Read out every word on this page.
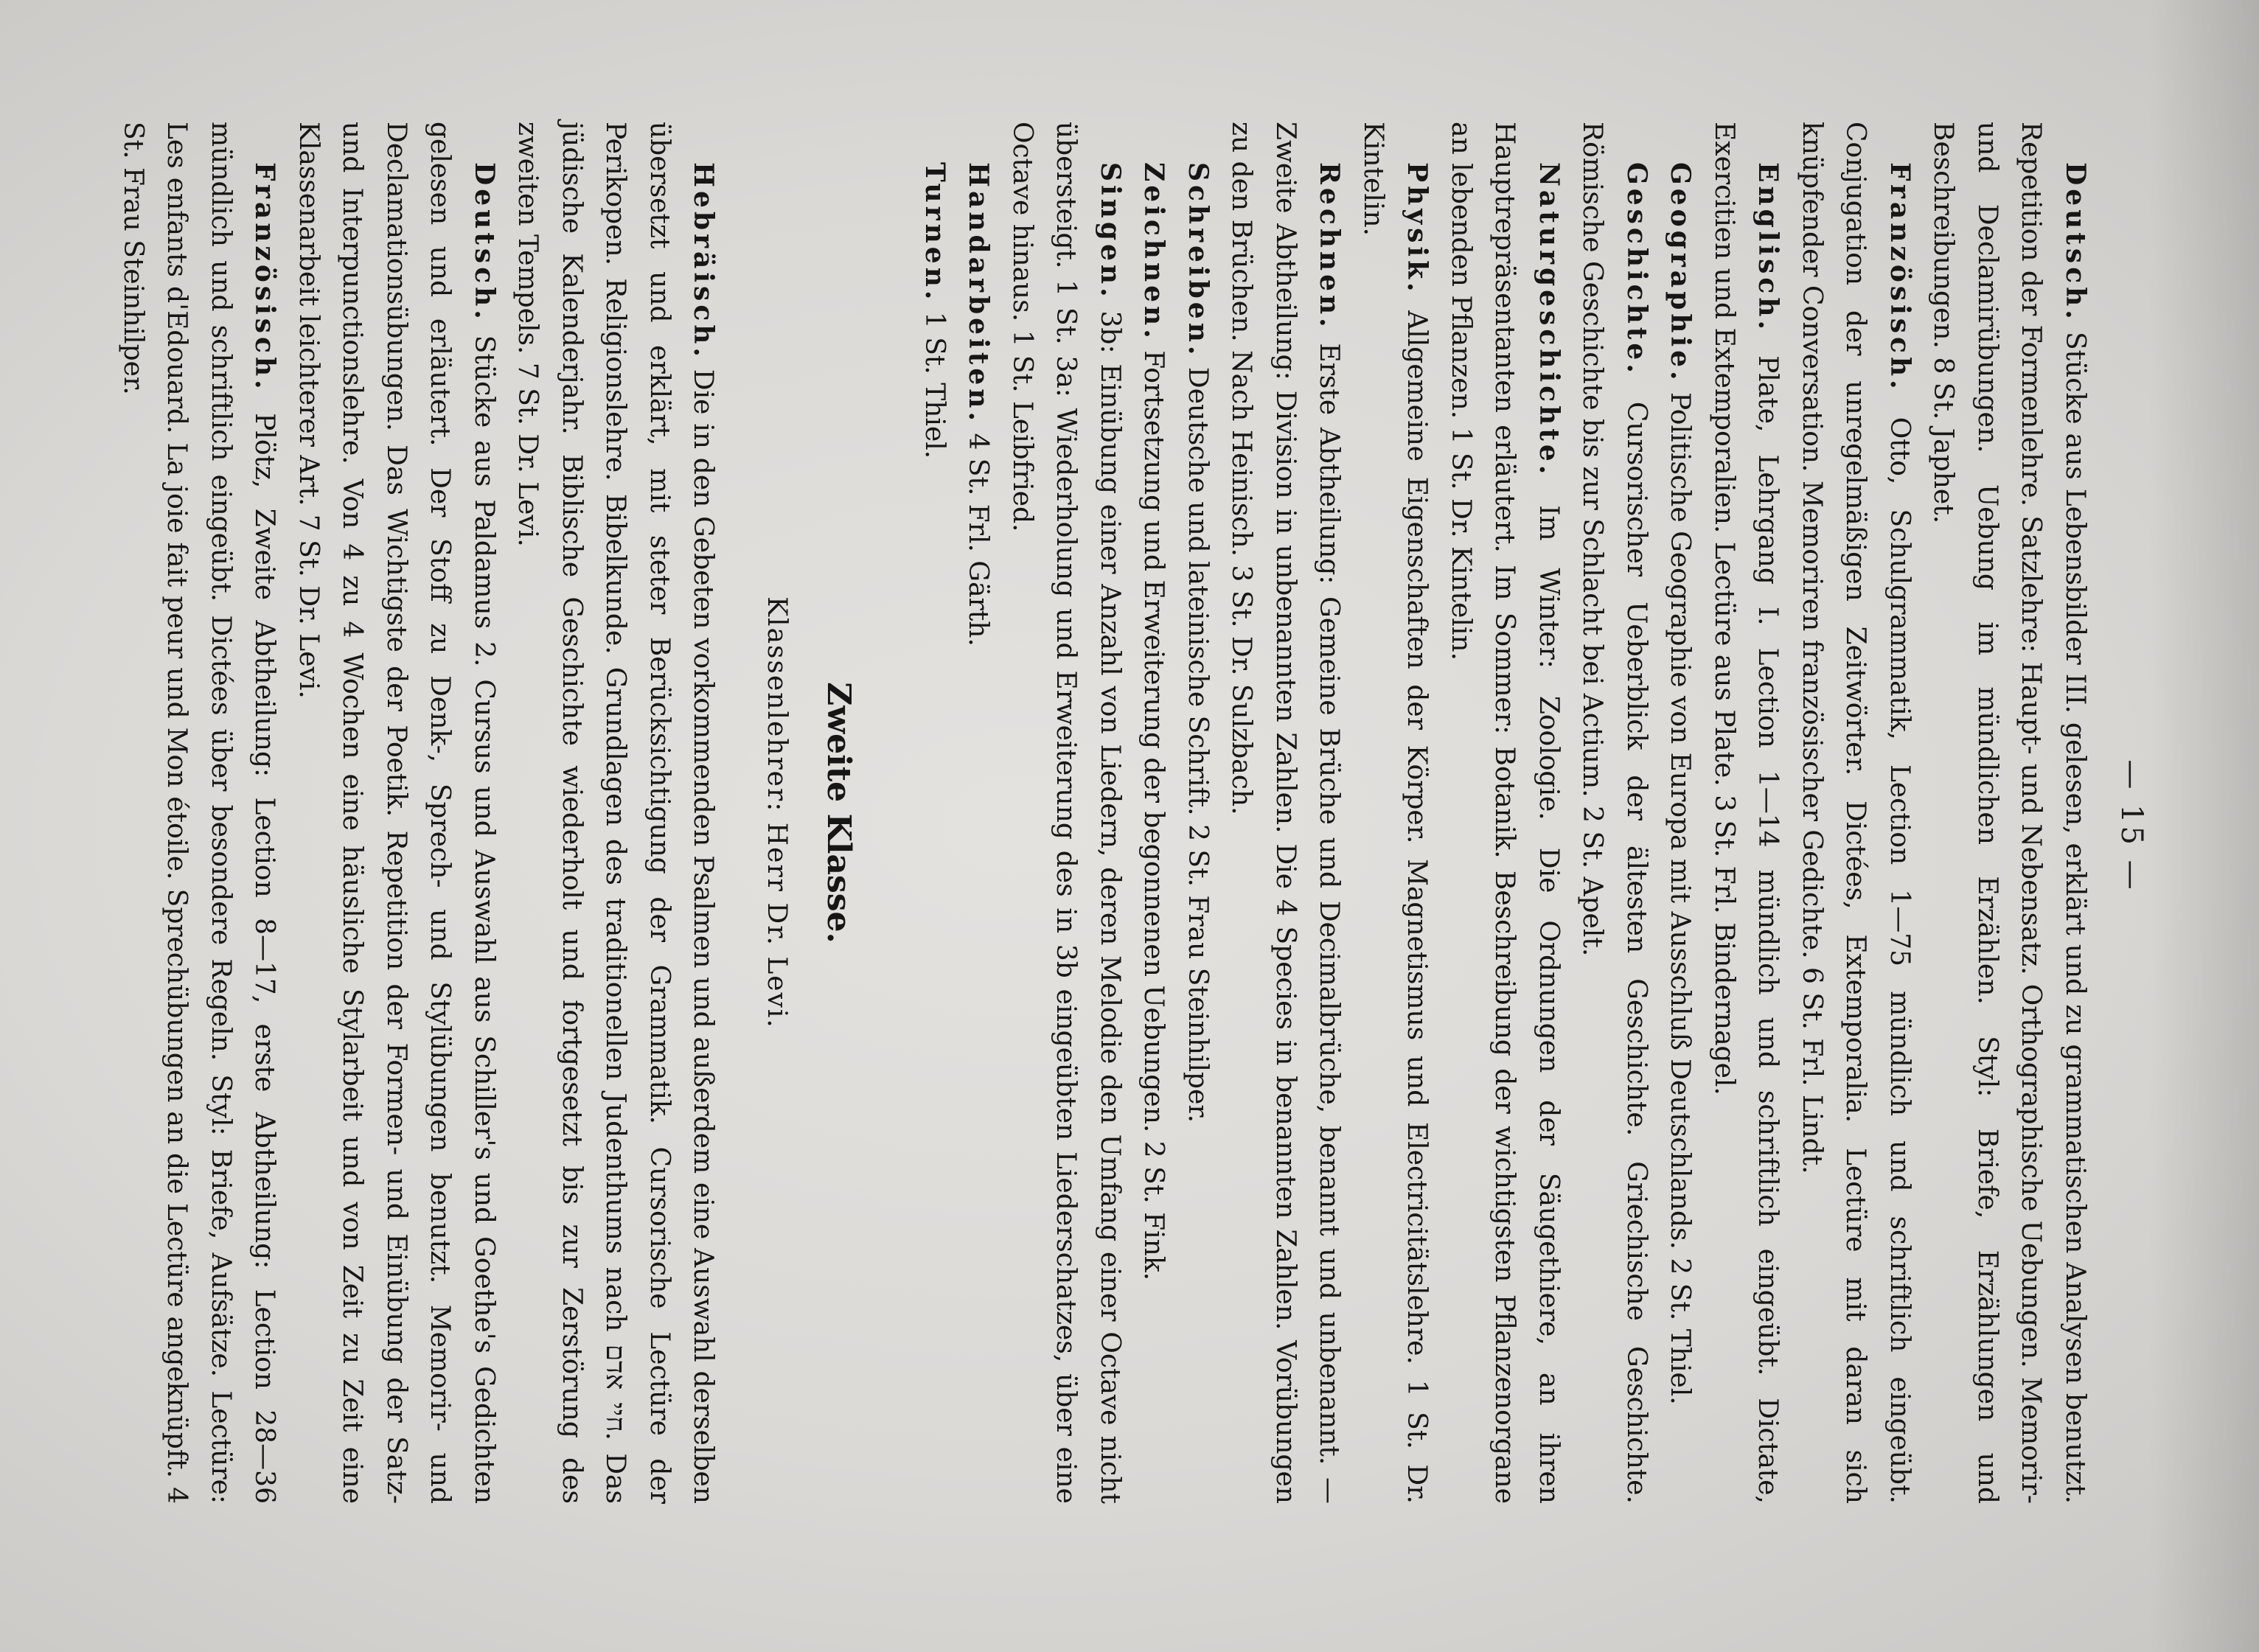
— 15 —

Deutsch. Stücke aus Lebensbilder III. gelesen, erklärt und zu grammatischen Analysen benutzt. Repetition der Formenlehre. Satzlehre: Haupt- und Nebensatz. Orthographische Uebungen. Memorir- und Declamirübungen. Uebung im mündlichen Erzählen. Styl: Briefe, Erzählungen und Beschreibungen. 8 St. Japhet.

Französisch. Otto, Schulgrammatik, Lection 1—75 mündlich und schriftlich eingeübt. Conjugation der unregelmäßigen Zeitwörter. Dictées, Extemporalia. Lectüre mit daran sich knüpfender Conversation. Memoriren französischer Gedichte. 6 St. Frl. Lindt.

Englisch. Plate, Lehrgang I. Lection 1—14 mündlich und schriftlich eingeübt. Dictate, Exercitien und Extemporalien. Lectüre aus Plate. 3 St. Frl. Bindernagel.

Geographie. Politische Geographie von Europa mit Ausschluß Deutschlands. 2 St. Thiel.

Geschichte. Cursorischer Ueberblick der ältesten Geschichte. Griechische Geschichte. Römische Geschichte bis zur Schlacht bei Actium. 2 St. Apelt.

Naturgeschichte. Im Winter: Zoologie. Die Ordnungen der Säugethiere, an ihren Hauptrepräsentanten erläutert. Im Sommer: Botanik. Beschreibung der wichtigsten Pflanzenorgane an lebenden Pflanzen. 1 St. Dr. Kintelin.

Physik. Allgemeine Eigenschaften der Körper. Magnetismus und Electricitätslehre. 1 St. Dr. Kintelin.

Rechnen. Erste Abtheilung: Gemeine Brüche und Decimalbrüche, benannt und unbenannt. — Zweite Abtheilung: Division in unbenannten Zahlen. Die 4 Species in benannten Zahlen. Vorübungen zu den Brüchen. Nach Heinisch. 3 St. Dr. Sulzbach.

Schreiben. Deutsche und lateinische Schrift. 2 St. Frau Steinhilper.

Zeichnen. Fortsetzung und Erweiterung der begonnenen Uebungen. 2 St. Fink.

Singen. 3b: Einübung einer Anzahl von Liedern, deren Melodie den Umfang einer Octave nicht übersteigt. 1 St. 3a: Wiederholung und Erweiterung des in 3b eingeübten Liederschatzes, über eine Octave hinaus. 1 St. Leibfried.

Handarbeiten. 4 St. Frl. Gärth.

Turnen. 1 St. Thiel.

Zweite Klasse.

Klassenlehrer: Herr Dr. Levi.

Hebräisch. Die in den Gebeten vorkommenden Psalmen und außerdem eine Auswahl derselben übersetzt und erklärt, mit steter Berücksichtigung der Grammatik. Cursorische Lectüre der Perikopen. Religionslehre. Bibelkunde. Grundlagen des traditionellen Judenthums nach חיי אדם. Das jüdische Kalenderjahr. Biblische Geschichte wiederholt und fortgesetzt bis zur Zerstörung des zweiten Tempels. 7 St. Dr. Levi.

Deutsch. Stücke aus Paldamus 2. Cursus und Auswahl aus Schiller's und Goethe's Gedichten gelesen und erläutert. Der Stoff zu Denk-, Sprech- und Stylübungen benutzt. Memorir- und Declamationsübungen. Das Wichtigste der Poetik. Repetition der Formen- und Einübung der Satz- und Interpunctionslehre. Von 4 zu 4 Wochen eine häusliche Stylarbeit und von Zeit zu Zeit eine Klassenarbeit leichterer Art. 7 St. Dr. Levi.

Französisch. Plötz, Zweite Abtheilung: Lection 8—17, erste Abtheilung: Lection 28—36 mündlich und schriftlich eingeübt. Dictées über besondere Regeln. Styl: Briefe, Aufsätze. Lectüre: Les enfants d'Edouard. La joie fait peur und Mon étoile. Sprechübungen an die Lectüre angeknüpft. 4 St. Frau Steinhilper.
